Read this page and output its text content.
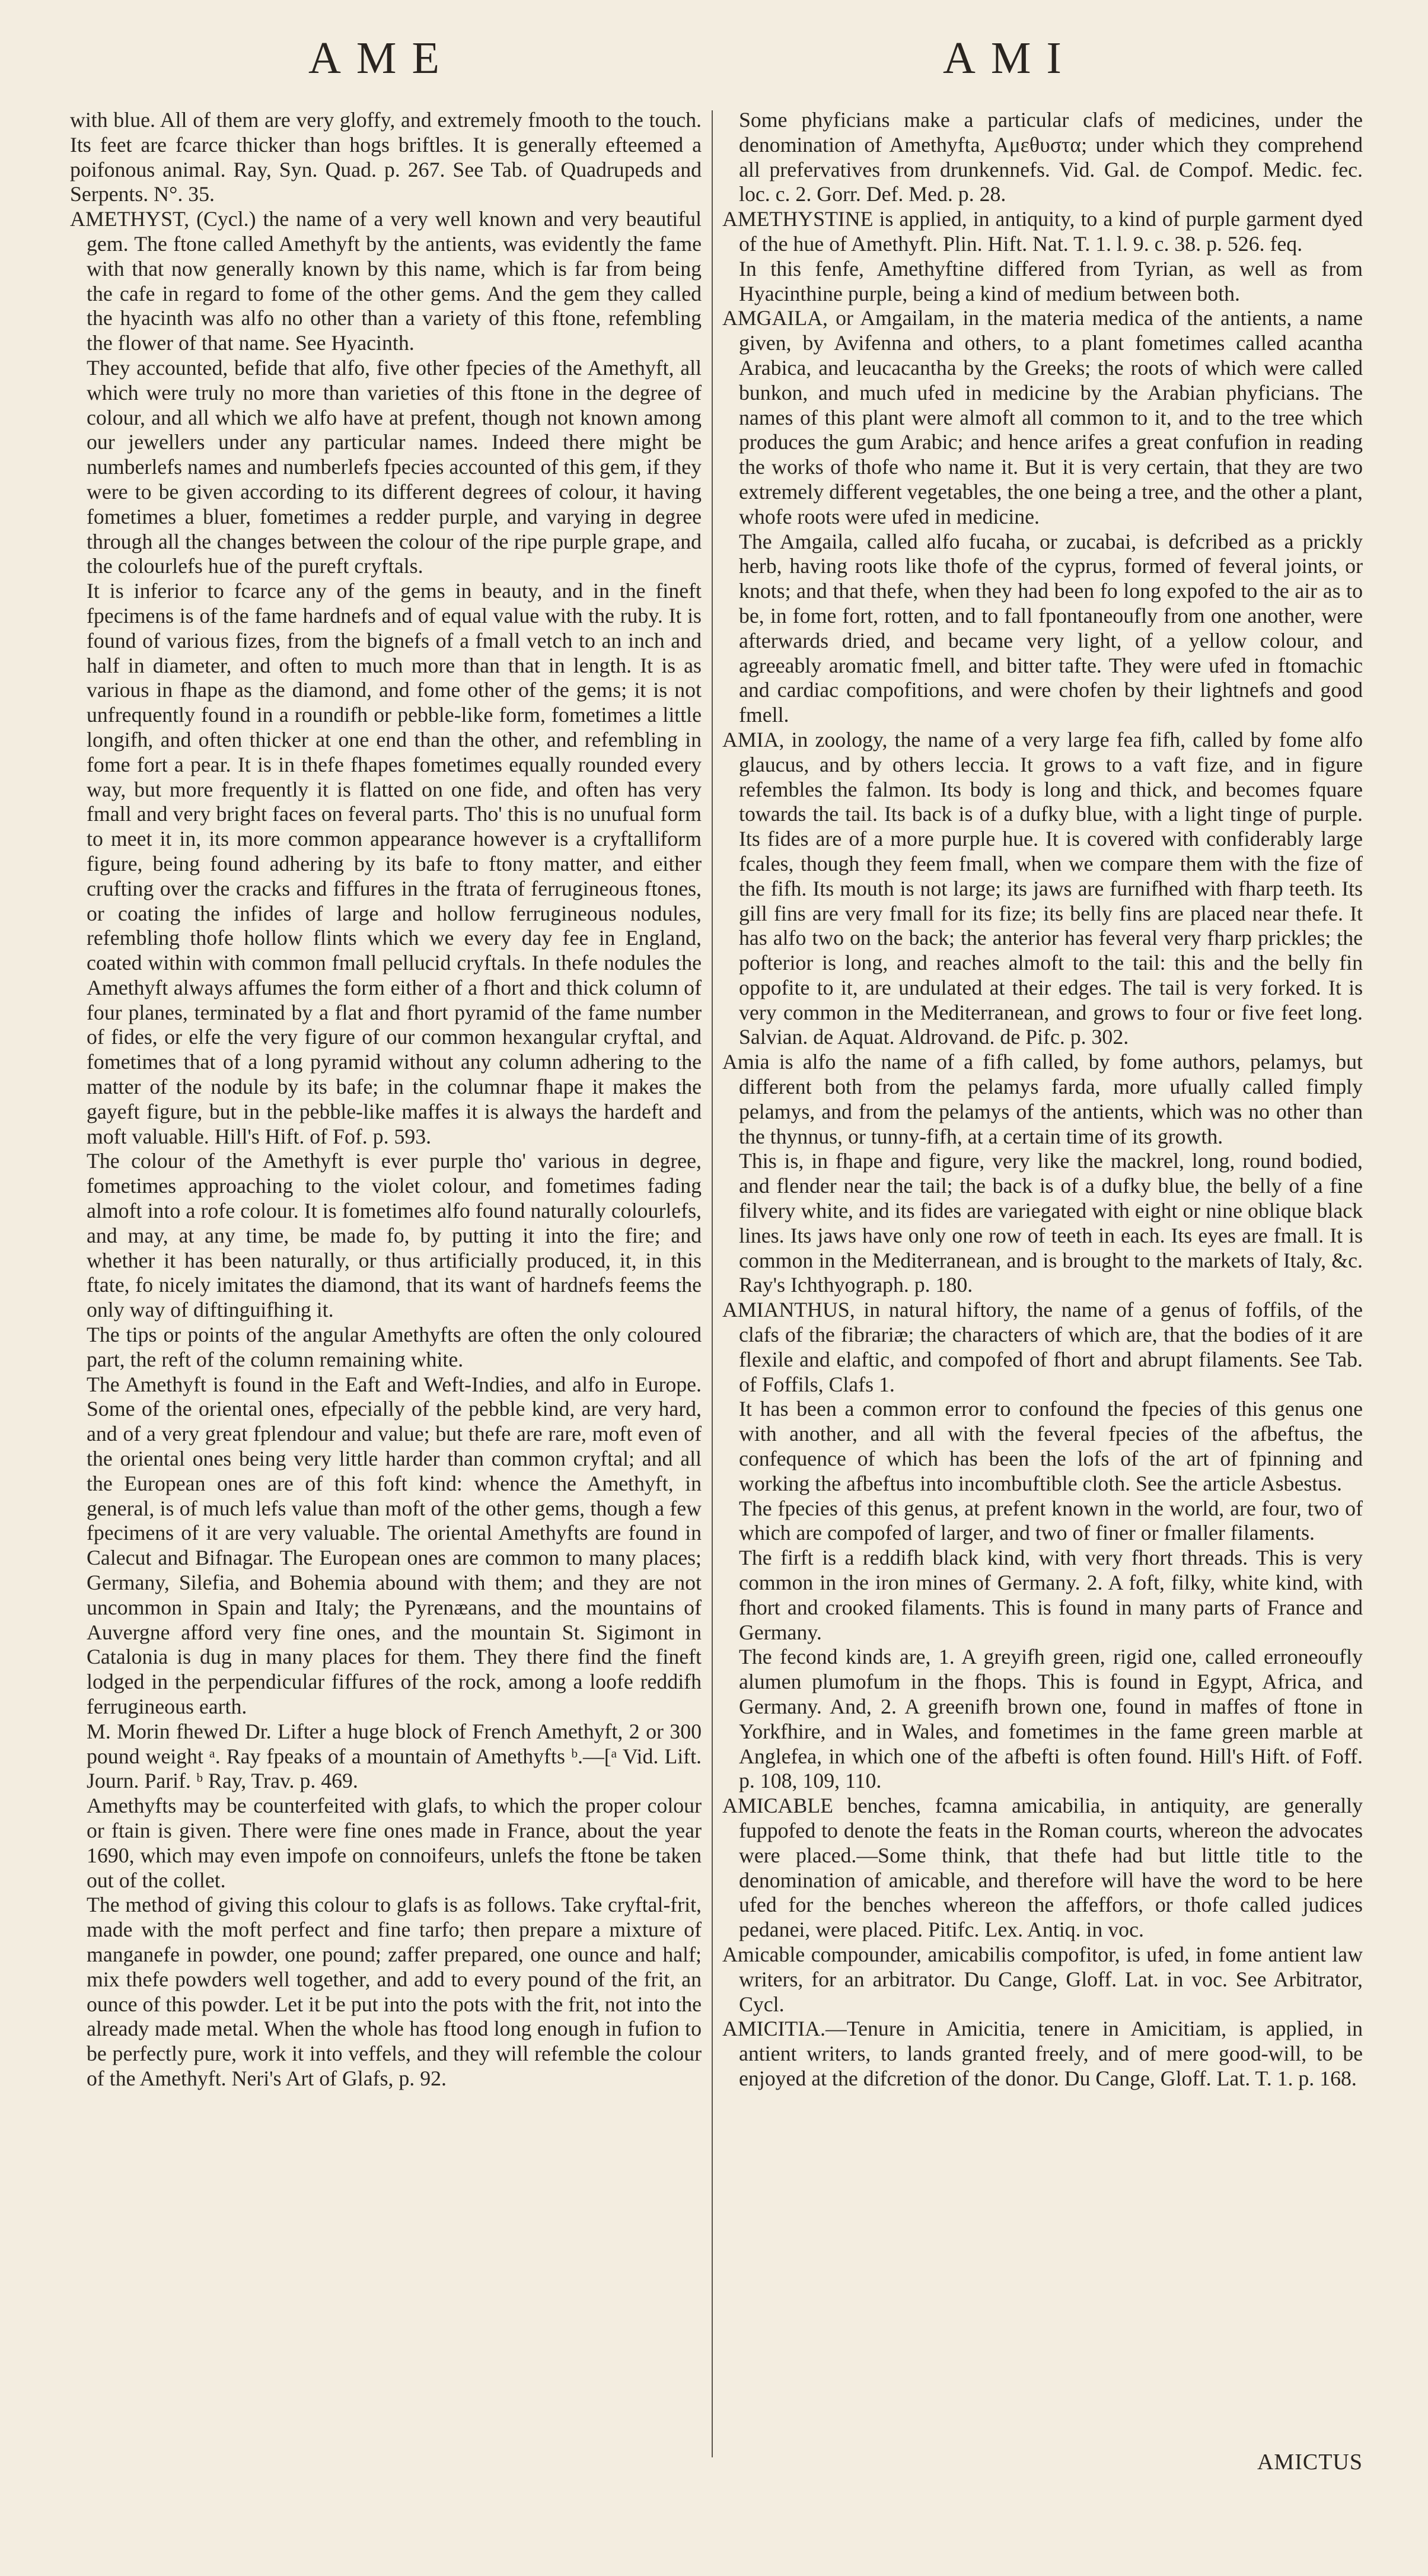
AME	AMI

with blue. All of them are very gloffy, and extremely fmooth to the touch. Its feet are fcarce thicker than hogs briftles. It is generally efteemed a poifonous animal. Ray, Syn. Quad. p. 267. See Tab. of Quadrupeds and Serpents. N°. 35.

AMETHYST, (Cycl.) the name of a very well known and very beautiful gem. The ftone called Amethyft by the antients, was evidently the fame with that now generally known by this name, which is far from being the cafe in regard to fome of the other gems. And the gem they called the hyacinth was alfo no other than a variety of this ftone, refembling the flower of that name. See Hyacinth.

They accounted, befide that alfo, five other fpecies of the Amethyft, all which were truly no more than varieties of this ftone in the degree of colour, and all which we alfo have at prefent, though not known among our jewellers under any particular names. Indeed there might be numberlefs names and numberlefs fpecies accounted of this gem, if they were to be given according to its different degrees of colour, it having fometimes a bluer, fometimes a redder purple, and varying in degree through all the changes between the colour of the ripe purple grape, and the colourlefs hue of the pureft cryftals.

It is inferior to fcarce any of the gems in beauty, and in the fineft fpecimens is of the fame hardnefs and of equal value with the ruby. It is found of various fizes, from the bignefs of a fmall vetch to an inch and half in diameter, and often to much more than that in length. It is as various in fhape as the diamond, and fome other of the gems; it is not unfrequently found in a roundifh or pebble-like form, fometimes a little longifh, and often thicker at one end than the other, and refembling in fome fort a pear. It is in thefe fhapes fometimes equally rounded every way, but more frequently it is flatted on one fide, and often has very fmall and very bright faces on feveral parts. Tho' this is no unufual form to meet it in, its more common appearance however is a cryftalliform figure, being found adhering by its bafe to ftony matter, and either crufting over the cracks and fiffures in the ftrata of ferrugineous ftones, or coating the infides of large and hollow ferrugineous nodules, refembling thofe hollow flints which we every day fee in England, coated within with common fmall pellucid cryftals. In thefe nodules the Amethyft always affumes the form either of a fhort and thick column of four planes, terminated by a flat and fhort pyramid of the fame number of fides, or elfe the very figure of our common hexangular cryftal, and fometimes that of a long pyramid without any column adhering to the matter of the nodule by its bafe; in the columnar fhape it makes the gayeft figure, but in the pebble-like maffes it is always the hardeft and moft valuable. Hill's Hift. of Fof. p. 593.

The colour of the Amethyft is ever purple tho' various in degree, fometimes approaching to the violet colour, and fometimes fading almoft into a rofe colour. It is fometimes alfo found naturally colourlefs, and may, at any time, be made fo, by putting it into the fire; and whether it has been naturally, or thus artificially produced, it, in this ftate, fo nicely imitates the diamond, that its want of hardnefs feems the only way of diftinguifhing it.

The tips or points of the angular Amethyfts are often the only coloured part, the reft of the column remaining white.

The Amethyft is found in the Eaft and Weft-Indies, and alfo in Europe. Some of the oriental ones, efpecially of the pebble kind, are very hard, and of a very great fplendour and value; but thefe are rare, moft even of the oriental ones being very little harder than common cryftal; and all the European ones are of this foft kind: whence the Amethyft, in general, is of much lefs value than moft of the other gems, though a few fpecimens of it are very valuable. The oriental Amethyfts are found in Calecut and Bifnagar. The European ones are common to many places; Germany, Silefia, and Bohemia abound with them; and they are not uncommon in Spain and Italy; the Pyrenæans, and the mountains of Auvergne afford very fine ones, and the mountain St. Sigimont in Catalonia is dug in many places for them. They there find the fineft lodged in the perpendicular fiffures of the rock, among a loofe reddifh ferrugineous earth.

M. Morin fhewed Dr. Lifter a huge block of French Amethyft, 2 or 300 pound weight ᵃ. Ray fpeaks of a mountain of Amethyfts ᵇ.—[ᵃ Vid. Lift. Journ. Parif. ᵇ Ray, Trav. p. 469.

Amethyfts may be counterfeited with glafs, to which the proper colour or ftain is given. There were fine ones made in France, about the year 1690, which may even impofe on connoifeurs, unlefs the ftone be taken out of the collet.

The method of giving this colour to glafs is as follows. Take cryftal-frit, made with the moft perfect and fine tarfo; then prepare a mixture of manganefe in powder, one pound; zaffer prepared, one ounce and half; mix thefe powders well together, and add to every pound of the frit, an ounce of this powder. Let it be put into the pots with the frit, not into the already made metal. When the whole has ftood long enough in fufion to be perfectly pure, work it into veffels, and they will refemble the colour of the Amethyft. Neri's Art of Glafs, p. 92.

Some phyficians make a particular clafs of medicines, under the denomination of Amethyfta, Αμεθυστα; under which they comprehend all prefervatives from drunkennefs. Vid. Gal. de Compof. Medic. fec. loc. c. 2. Gorr. Def. Med. p. 28.

AMETHYSTINE is applied, in antiquity, to a kind of purple garment dyed of the hue of Amethyft. Plin. Hift. Nat. T. 1. l. 9. c. 38. p. 526. feq.

In this fenfe, Amethyftine differed from Tyrian, as well as from Hyacinthine purple, being a kind of medium between both.

AMGAILA, or Amgailam, in the materia medica of the antients, a name given, by Avifenna and others, to a plant fometimes called acantha Arabica, and leucacantha by the Greeks; the roots of which were called bunkon, and much ufed in medicine by the Arabian phyficians. The names of this plant were almoft all common to it, and to the tree which produces the gum Arabic; and hence arifes a great confufion in reading the works of thofe who name it. But it is very certain, that they are two extremely different vegetables, the one being a tree, and the other a plant, whofe roots were ufed in medicine.

The Amgaila, called alfo fucaha, or zucabai, is defcribed as a prickly herb, having roots like thofe of the cyprus, formed of feveral joints, or knots; and that thefe, when they had been fo long expofed to the air as to be, in fome fort, rotten, and to fall fpontaneoufly from one another, were afterwards dried, and became very light, of a yellow colour, and agreeably aromatic fmell, and bitter tafte. They were ufed in ftomachic and cardiac compofitions, and were chofen by their lightnefs and good fmell.

AMIA, in zoology, the name of a very large fea fifh, called by fome alfo glaucus, and by others leccia. It grows to a vaft fize, and in figure refembles the falmon. Its body is long and thick, and becomes fquare towards the tail. Its back is of a dufky blue, with a light tinge of purple. Its fides are of a more purple hue. It is covered with confiderably large fcales, though they feem fmall, when we compare them with the fize of the fifh. Its mouth is not large; its jaws are furnifhed with fharp teeth. Its gill fins are very fmall for its fize; its belly fins are placed near thefe. It has alfo two on the back; the anterior has feveral very fharp prickles; the pofterior is long, and reaches almoft to the tail: this and the belly fin oppofite to it, are undulated at their edges. The tail is very forked. It is very common in the Mediterranean, and grows to four or five feet long. Salvian. de Aquat. Aldrovand. de Pifc. p. 302.

Amia is alfo the name of a fifh called, by fome authors, pelamys, but different both from the pelamys farda, more ufually called fimply pelamys, and from the pelamys of the antients, which was no other than the thynnus, or tunny-fifh, at a certain time of its growth.

This is, in fhape and figure, very like the mackrel, long, round bodied, and flender near the tail; the back is of a dufky blue, the belly of a fine filvery white, and its fides are variegated with eight or nine oblique black lines. Its jaws have only one row of teeth in each. Its eyes are fmall. It is common in the Mediterranean, and is brought to the markets of Italy, &c. Ray's Ichthyograph. p. 180.

AMIANTHUS, in natural hiftory, the name of a genus of foffils, of the clafs of the fibrariæ; the characters of which are, that the bodies of it are flexile and elaftic, and compofed of fhort and abrupt filaments. See Tab. of Foffils, Clafs 1.

It has been a common error to confound the fpecies of this genus one with another, and all with the feveral fpecies of the afbeftus, the confequence of which has been the lofs of the art of fpinning and working the afbeftus into incombuftible cloth. See the article Asbestus.

The fpecies of this genus, at prefent known in the world, are four, two of which are compofed of larger, and two of finer or fmaller filaments.

The firft is a reddifh black kind, with very fhort threads. This is very common in the iron mines of Germany. 2. A foft, filky, white kind, with fhort and crooked filaments. This is found in many parts of France and Germany.

The fecond kinds are, 1. A greyifh green, rigid one, called erroneoufly alumen plumofum in the fhops. This is found in Egypt, Africa, and Germany. And, 2. A greenifh brown one, found in maffes of ftone in Yorkfhire, and in Wales, and fometimes in the fame green marble at Anglefea, in which one of the afbefti is often found. Hill's Hift. of Foff. p. 108, 109, 110.

AMICABLE benches, fcamna amicabilia, in antiquity, are generally fuppofed to denote the feats in the Roman courts, whereon the advocates were placed.—Some think, that thefe had but little title to the denomination of amicable, and therefore will have the word to be here ufed for the benches whereon the affeffors, or thofe called judices pedanei, were placed. Pitifc. Lex. Antiq. in voc.

Amicable compounder, amicabilis compofitor, is ufed, in fome antient law writers, for an arbitrator. Du Cange, Gloff. Lat. in voc. See Arbitrator, Cycl.

AMICITIA.—Tenure in Amicitia, tenere in Amicitiam, is applied, in antient writers, to lands granted freely, and of mere good-will, to be enjoyed at the difcretion of the donor. Du Cange, Gloff. Lat. T. 1. p. 168.

AMICTUS
